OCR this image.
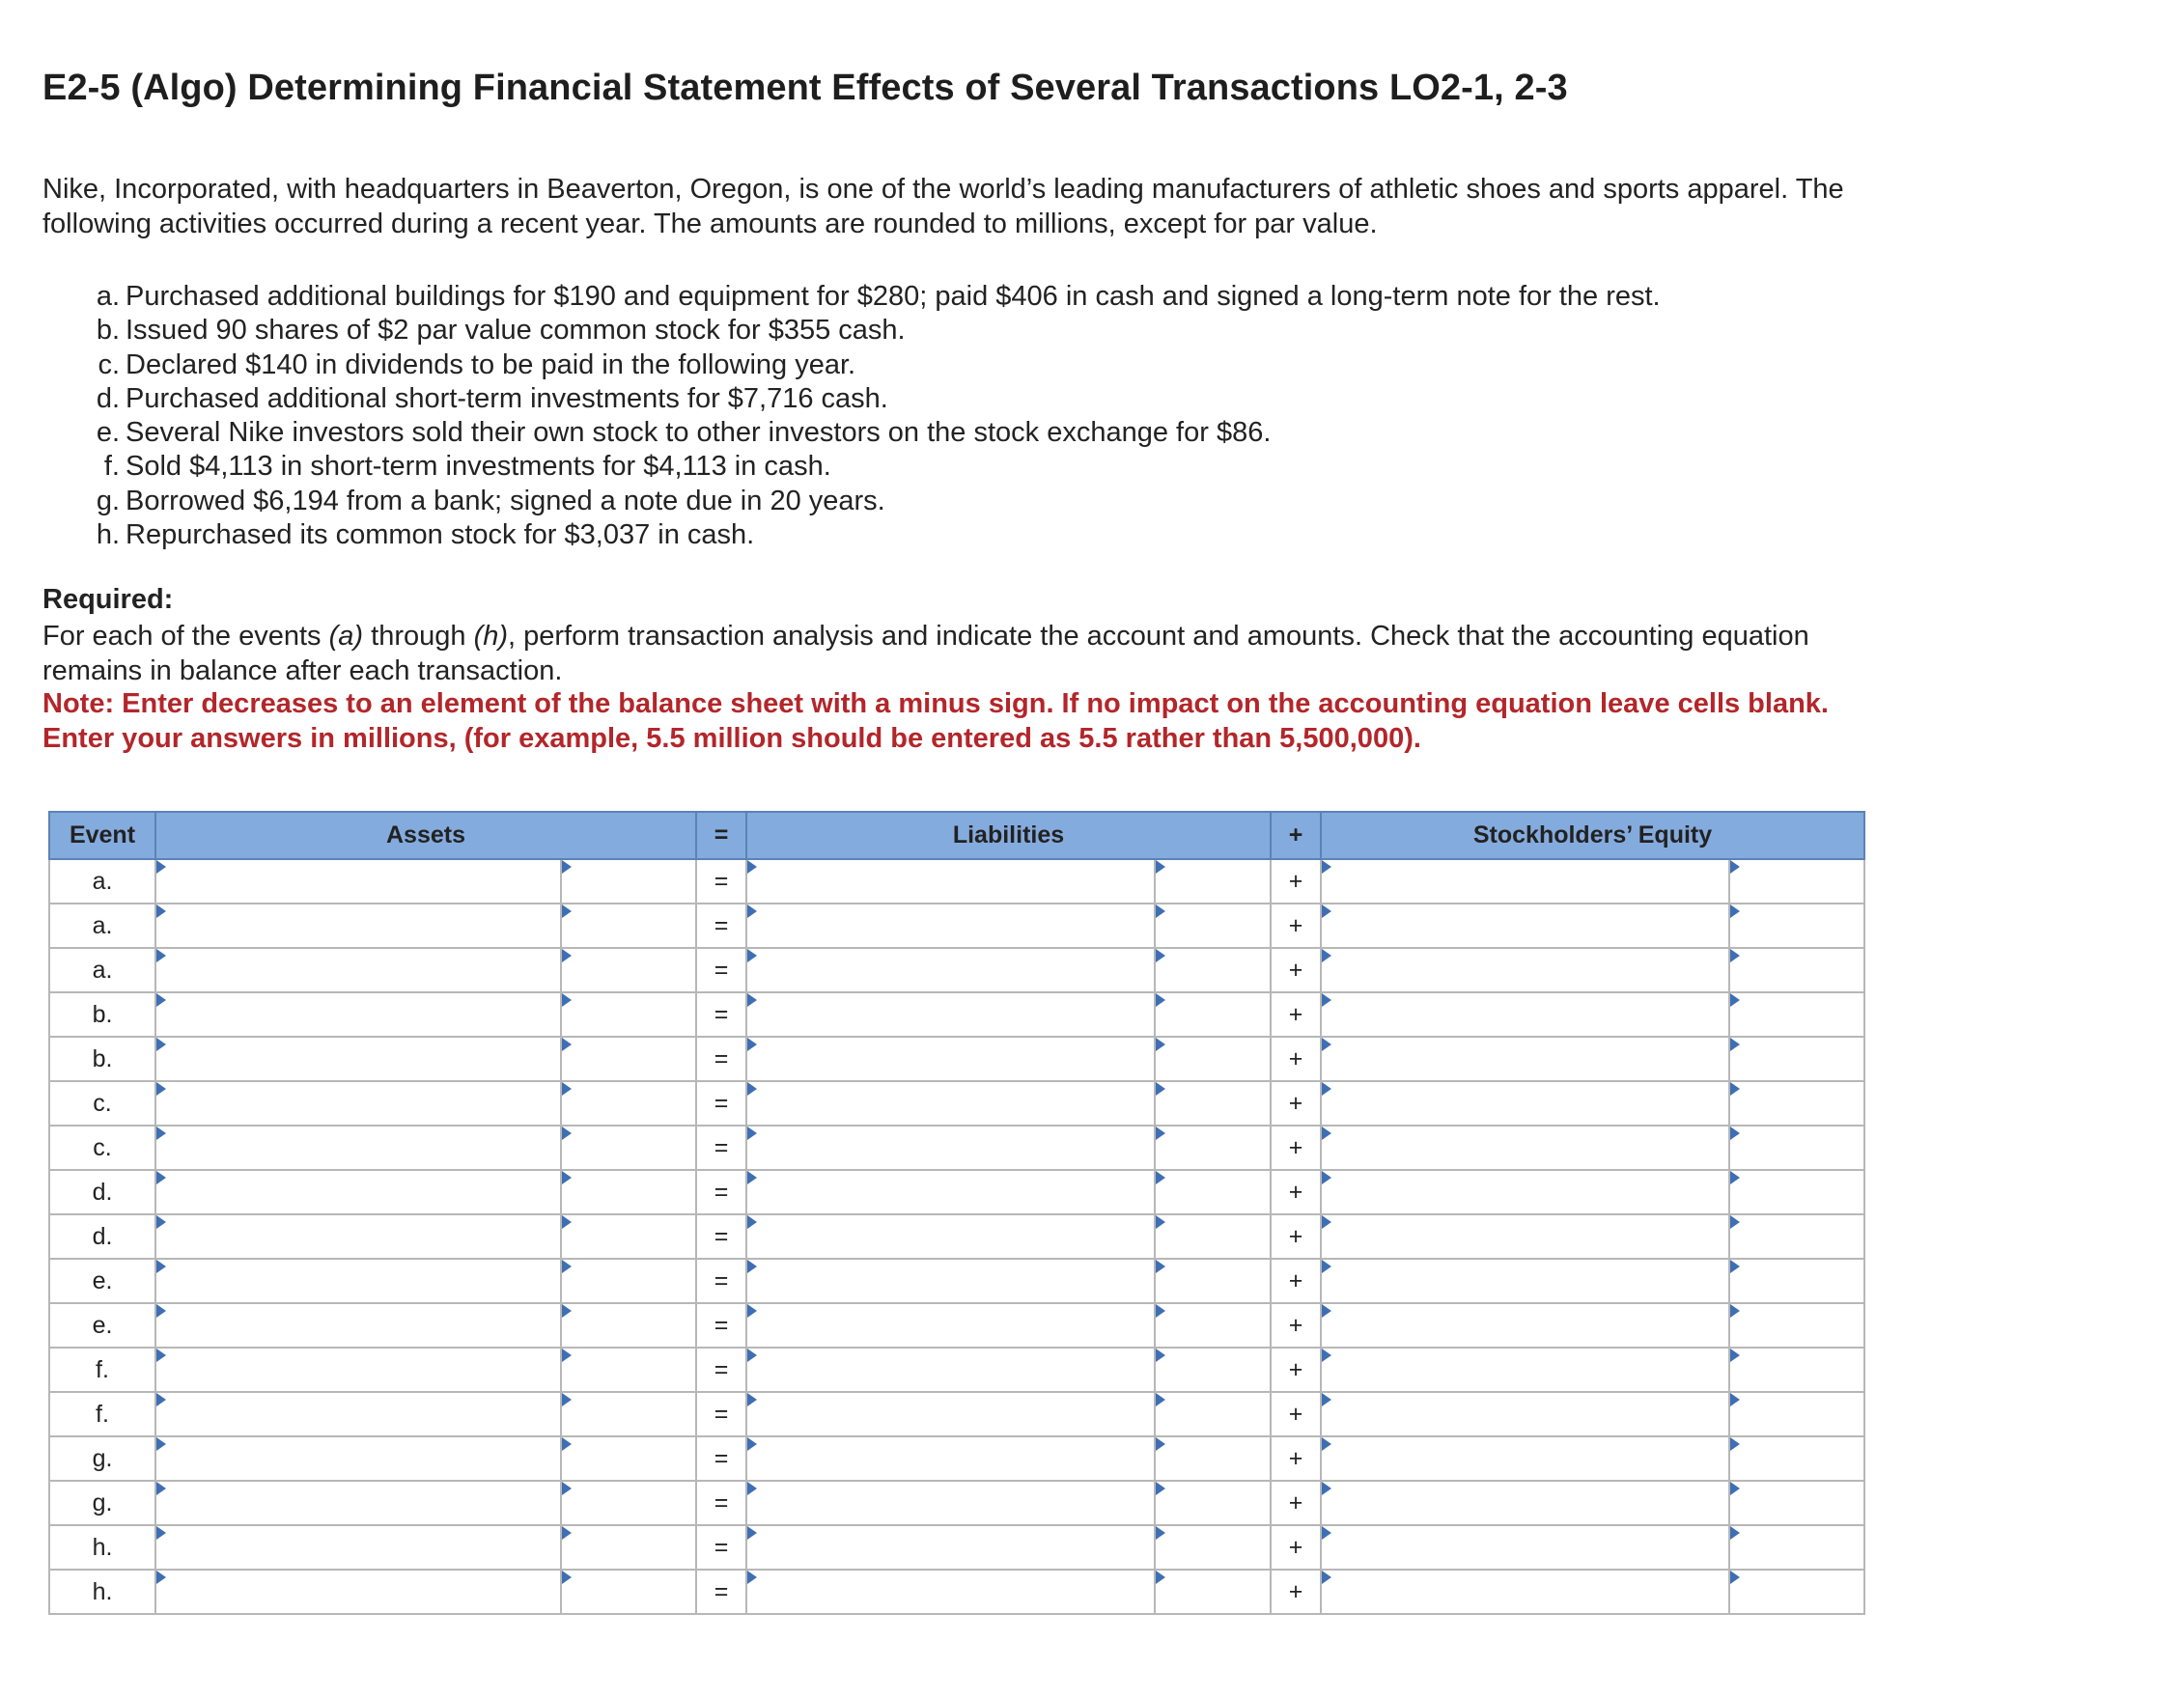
E2-5 (Algo) Determining Financial Statement Effects of Several Transactions LO2-1, 2-3
Nike, Incorporated, with headquarters in Beaverton, Oregon, is one of the world’s leading manufacturers of athletic shoes and sports apparel. The following activities occurred during a recent year. The amounts are rounded to millions, except for par value.
a. Purchased additional buildings for $190 and equipment for $280; paid $406 in cash and signed a long-term note for the rest.
b. Issued 90 shares of $2 par value common stock for $355 cash.
c. Declared $140 in dividends to be paid in the following year.
d. Purchased additional short-term investments for $7,716 cash.
e. Several Nike investors sold their own stock to other investors on the stock exchange for $86.
f. Sold $4,113 in short-term investments for $4,113 in cash.
g. Borrowed $6,194 from a bank; signed a note due in 20 years.
h. Repurchased its common stock for $3,037 in cash.
Required:
For each of the events (a) through (h), perform transaction analysis and indicate the account and amounts. Check that the accounting equation remains in balance after each transaction.
Note: Enter decreases to an element of the balance sheet with a minus sign. If no impact on the accounting equation leave cells blank. Enter your answers in millions, (for example, 5.5 million should be entered as 5.5 rather than 5,500,000).
Event	Assets		=	Liabilities		+	Stockholders’ Equity	
a.			=			+		
a.			=			+		
a.			=			+		
b.			=			+		
b.			=			+		
c.			=			+		
c.			=			+		
d.			=			+		
d.			=			+		
e.			=			+		
e.			=			+		
f.			=			+		
f.			=			+		
g.			=			+		
g.			=			+		
h.			=			+		
h.			=			+		
